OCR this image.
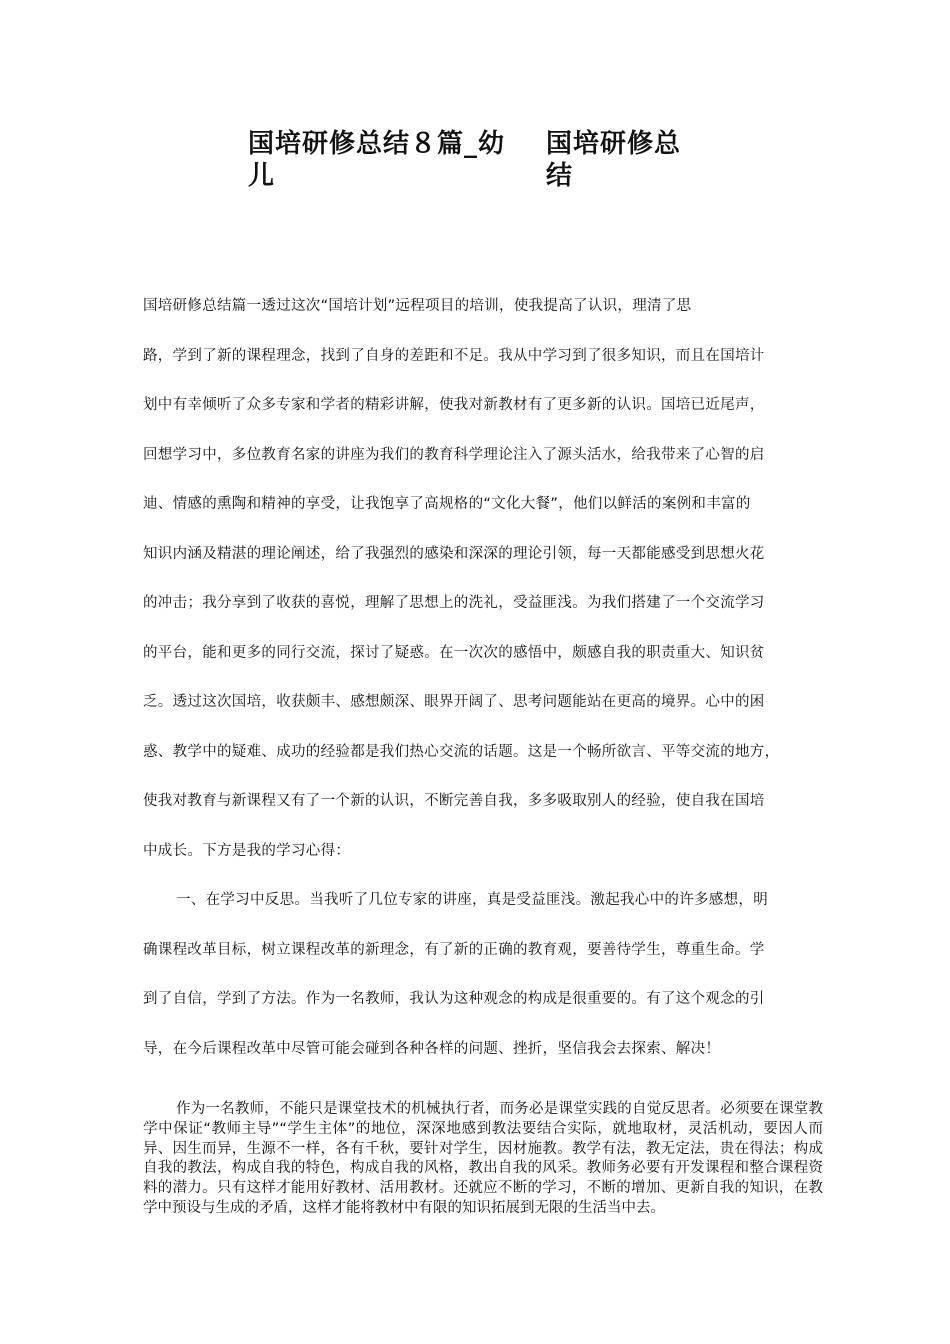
国培研修总结８篇_幼儿
国培研修总结
国培研修总结篇一透过这次“国培计划”远程项目的培训，使我提高了认识，理清了思
路，学到了新的课程理念，找到了自身的差距和不足。我从中学习到了很多知识，而且在国培计
划中有幸倾听了众多专家和学者的精彩讲解，使我对新教材有了更多新的认识。国培已近尾声，
回想学习中，多位教育名家的讲座为我们的教育科学理论注入了源头活水，给我带来了心智的启
迪、情感的熏陶和精神的享受，让我饱享了高规格的“文化大餐”，他们以鲜活的案例和丰富的
知识内涵及精湛的理论阐述，给了我强烈的感染和深深的理论引领，每一天都能感受到思想火花
的冲击；我分享到了收获的喜悦，理解了思想上的洗礼，受益匪浅。为我们搭建了一个交流学习
的平台，能和更多的同行交流，探讨了疑惑。在一次次的感悟中，颇感自我的职责重大、知识贫
乏。透过这次国培，收获颇丰、感想颇深、眼界开阔了、思考问题能站在更高的境界。心中的困
惑、教学中的疑难、成功的经验都是我们热心交流的话题。这是一个畅所欲言、平等交流的地方，
使我对教育与新课程又有了一个新的认识，不断完善自我，多多吸取别人的经验，使自我在国培
中成长。下方是我的学习心得：
一、在学习中反思。当我听了几位专家的讲座，真是受益匪浅。激起我心中的许多感想，明
确课程改革目标，树立课程改革的新理念，有了新的正确的教育观，要善待学生，尊重生命。学
到了自信，学到了方法。作为一名教师，我认为这种观念的构成是很重要的。有了这个观念的引
导，在今后课程改革中尽管可能会碰到各种各样的问题、挫折，坚信我会去探索、解决！

作为一名教师，不能只是课堂技术的机械执行者，而务必是课堂实践的自觉反思者。必须要在课堂教学中保证“教师主导”“学生主体”的地位，深深地感到教法要结合实际，就地取材，灵活机动，要因人而异、因生而异，生源不一样，各有千秋，要针对学生，因材施教。教学有法，教无定法，贵在得法；构成自我的教法，构成自我的特色，构成自我的风格，教出自我的风采。教师务必要有开发课程和整合课程资料的潜力。只有这样才能用好教材、活用教材。还就应不断的学习，不断的增加、更新自我的知识，在教学中预设与生成的矛盾，这样才能将教材中有限的知识拓展到无限的生活当中去。
